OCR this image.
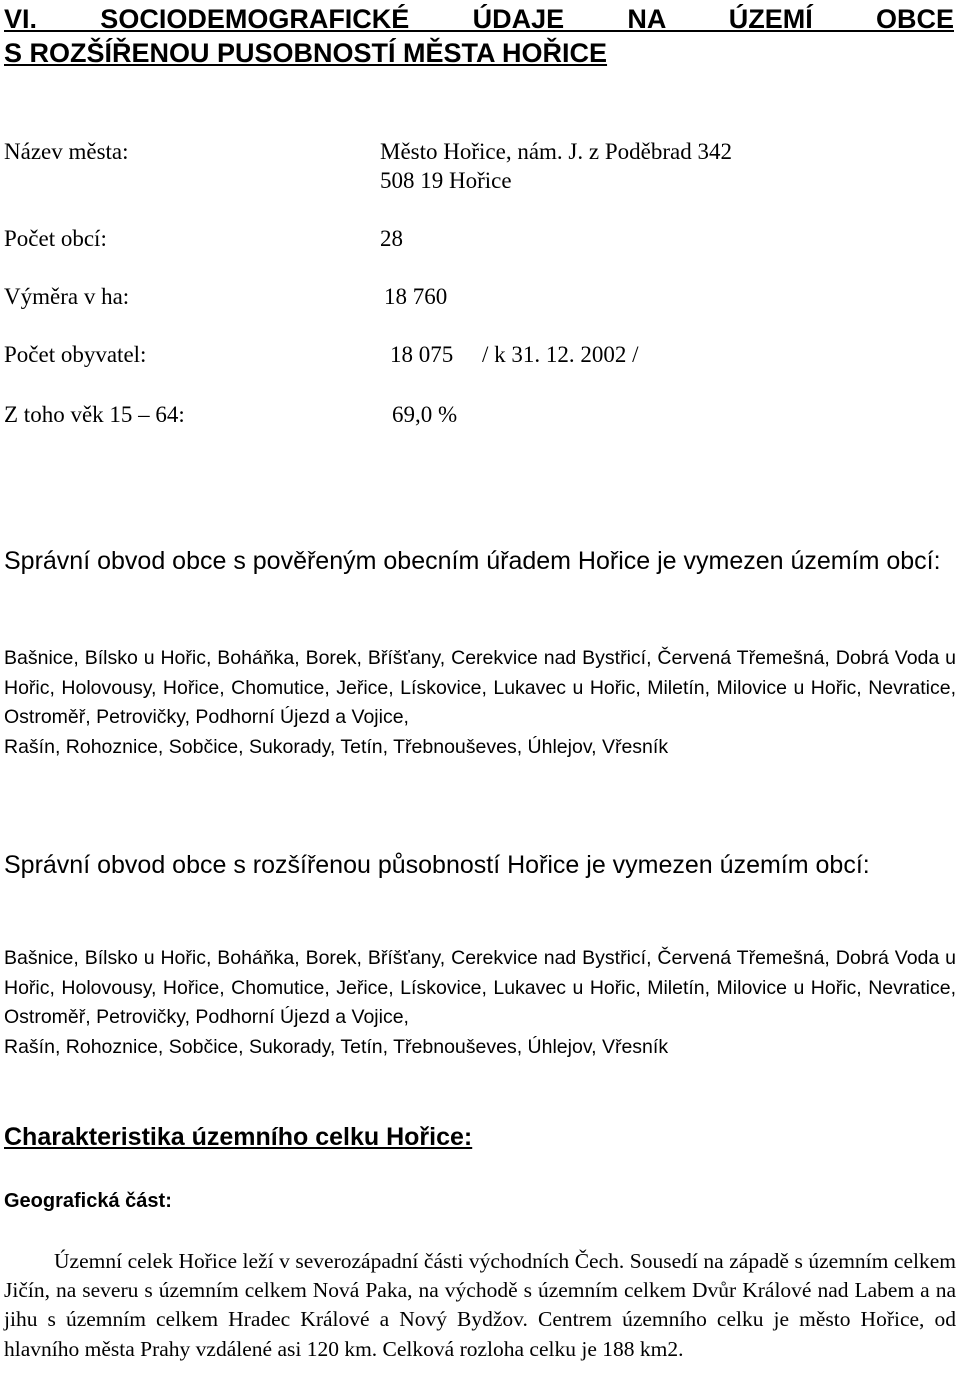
VI. SOCIODEMOGRAFICKÉ ÚDAJE NA ÚZEMÍ OBCE
S ROZŠÍŘENOU PUSOBNOSTÍ MĚSTA HOŘICE
Název města:	Město Hořice, nám. J. z Poděbrad 342
508 19 Hořice
Počet obcí:	28
Výměra v ha:	18 760
Počet obyvatel:	18 075     / k 31. 12. 2002 /
Z toho věk 15 – 64:	69,0 %
Správní obvod obce s pověřeným obecním úřadem Hořice je vymezen územím obcí:
Bašnice, Bílsko u Hořic, Boháňka, Borek, Bříšťany, Cerekvice nad Bystřicí, Červená Třemešná, Dobrá Voda u Hořic, Holovousy, Hořice, Chomutice, Jeřice, Lískovice, Lukavec u Hořic, Miletín, Milovice u Hořic, Nevratice, Ostroměř, Petrovičky, Podhorní Újezd a Vojice,
Rašín, Rohoznice, Sobčice, Sukorady, Tetín, Třebnouševes, Úhlejov, Vřesník
Správní obvod obce s rozšířenou působností Hořice je vymezen územím obcí:
Bašnice, Bílsko u Hořic, Boháňka, Borek, Bříšťany, Cerekvice nad Bystřicí, Červená Třemešná, Dobrá Voda u Hořic, Holovousy, Hořice, Chomutice, Jeřice, Lískovice, Lukavec u Hořic, Miletín, Milovice u Hořic, Nevratice, Ostroměř, Petrovičky, Podhorní Újezd a Vojice,
Rašín, Rohoznice, Sobčice, Sukorady, Tetín, Třebnouševes, Úhlejov, Vřesník
Charakteristika územního celku Hořice:
Geografická část:
Územní celek Hořice leží v severozápadní části východních Čech. Sousedí na západě s územním celkem Jičín, na severu s územním celkem Nová Paka, na východě s územním celkem Dvůr Králové nad Labem a na jihu s územním celkem Hradec Králové a Nový Bydžov. Centrem územního celku je město Hořice, od hlavního města Prahy vzdálené asi 120 km. Celková rozloha celku je 188 km2.
